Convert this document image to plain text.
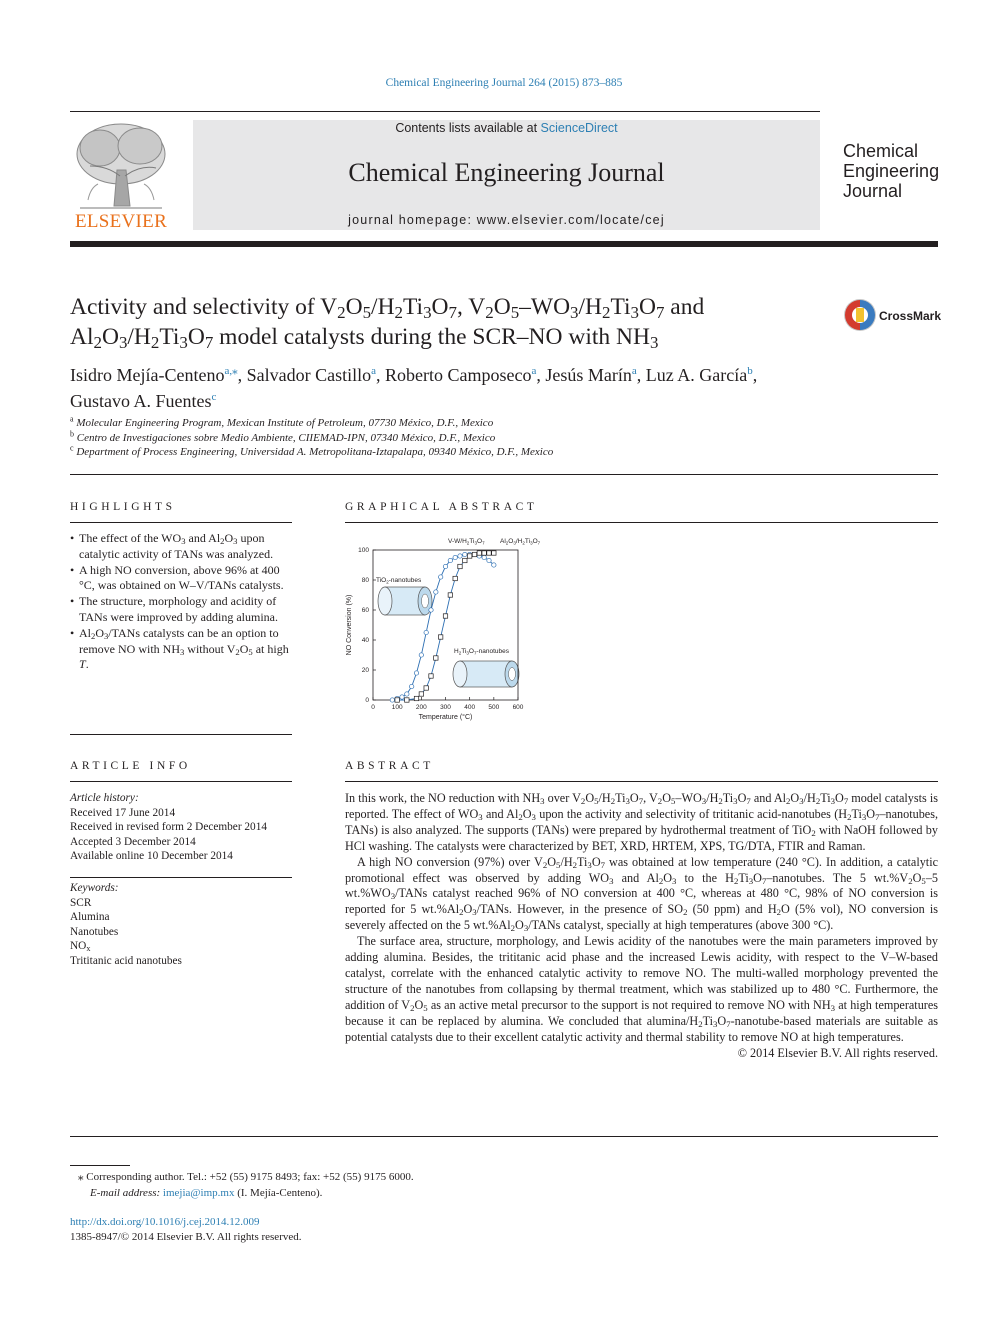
Chemical Engineering Journal 264 (2015) 873–885
ELSEVIER
Contents lists available at ScienceDirect
Chemical Engineering Journal
journal homepage: www.elsevier.com/locate/cej
Chemical
Engineering
Journal
Activity and selectivity of $V_2O_5/H_2Ti_3O_7$, $V_2O_5-WO_3/H_2Ti_3O_7$ and
$Al_2O_3/H_2Ti_3O_7$ model catalysts during the SCR–NO with $NH_3$
CrossMark
Isidro Mejía-Centeno$^{a,⁎}$, Salvador Castillo$^a$, Roberto Camposeco$^a$, Jesús Marín$^a$, Luz A. García$^b$,
Gustavo A. Fuentes$^c$
$^a$ Molecular Engineering Program, Mexican Institute of Petroleum, 07730 México, D.F., Mexico
$^b$ Centro de Investigaciones sobre Medio Ambiente, CIIEMAD-IPN, 07340 México, D.F., Mexico
$^c$ Department of Process Engineering, Universidad A. Metropolitana-Iztapalapa, 09340 México, D.F., Mexico
HIGHLIGHTS
• The effect of the $WO_3$ and $Al_2O_3$ upon catalytic activity of TANs was analyzed.
• A high NO conversion, above 96% at 400 °C, was obtained on W–V/TANs catalysts.
• The structure, morphology and acidity of TANs were improved by adding alumina.
• $Al_2O_3$/TANs catalysts can be an option to remove NO with $NH_3$ without $V_2O_5$ at high T.
GRAPHICAL ABSTRACT
TiO$_2$-nanotubes
$H_2Ti_3O_7$-nanotubes
$V-W/H_2Ti_3O_7$ $Al_2O_3/H_2Ti_3O_7$
0	100 200 300 400 500 600
0
20
40
60
80
100
Temperature (°C)
NO Conversion (%)
ARTICLE INFO
Article history:
Received 17 June 2014
Received in revised form 2 December 2014
Accepted 3 December 2014
Available online 10 December 2014
Keywords:
SCR
Alumina
Nanotubes
$NO_x$
Trititanic acid nanotubes
ABSTRACT

In this work, the NO reduction with $NH_3$ over $V_2O_5/H_2Ti_3O_7$, $V_2O_5-WO_3/H_2Ti_3O_7$ and $Al_2O_3/H_2Ti_3O_7$ model catalysts is reported. The effect of $WO_3$ and $Al_2O_3$ upon the activity and selectivity of trititanic acid-nanotubes ($H_2Ti_3O_7$–nanotubes, TANs) is also analyzed. The supports (TANs) were prepared by hydrothermal treatment of TiO$_2$ with NaOH followed by HCl washing. The catalysts were characterized by BET, XRD, HRTEM, XPS, TG/DTA, FTIR and Raman.

A high NO conversion (97%) over $V_2O_5/H_2Ti_3O_7$ was obtained at low temperature (240 °C). In addition, a catalytic promotional effect was observed by adding $WO_3$ and $Al_2O_3$ to the $H_2Ti_3O_7$–nanotubes. The 5 $wt.\%V_2O_5-5$ $wt.\%WO_3$/TANs catalyst reached 96% of NO conversion at 400 °C, whereas at 480 °C, 98% of NO conversion is reported for 5 $wt.\%Al_2O_3$/TANs. However, in the presence of $SO_2$ (50 ppm) and $H_2O$ (5% vol), NO conversion is severely affected on the 5 $wt.\%Al_2O_3$/TANs catalyst, specially at high temperatures (above 300 °C).

The surface area, structure, morphology, and Lewis acidity of the nanotubes were the main parameters improved by adding alumina. Besides, the trititanic acid phase and the increased Lewis acidity, with respect to the V–W-based catalyst, correlate with the enhanced catalytic activity to remove NO. The multi-walled morphology prevented the structure of the nanotubes from collapsing by thermal treatment, which was stabilized up to 480 °C. Furthermore, the addition of $V_2O_5$ as an active metal precursor to the support is not required to remove NO with $NH_3$ at high temperatures because it can be replaced by alumina. We concluded that alumina/$H_2Ti_3O_7-nanotube$-based materials are suitable as potential catalysts due to their excellent catalytic activity and thermal stability to remove NO at high temperatures.

© 2014 Elsevier B.V. All rights reserved.

⁎ Corresponding author. Tel.: +52 (55) 9175 8493; fax: +52 (55) 9175 6000.
E-mail address: imejia@imp.mx (I. Mejía-Centeno).
http://dx.doi.org/10.1016/j.cej.2014.12.009
1385-8947/© 2014 Elsevier B.V. All rights reserved.
